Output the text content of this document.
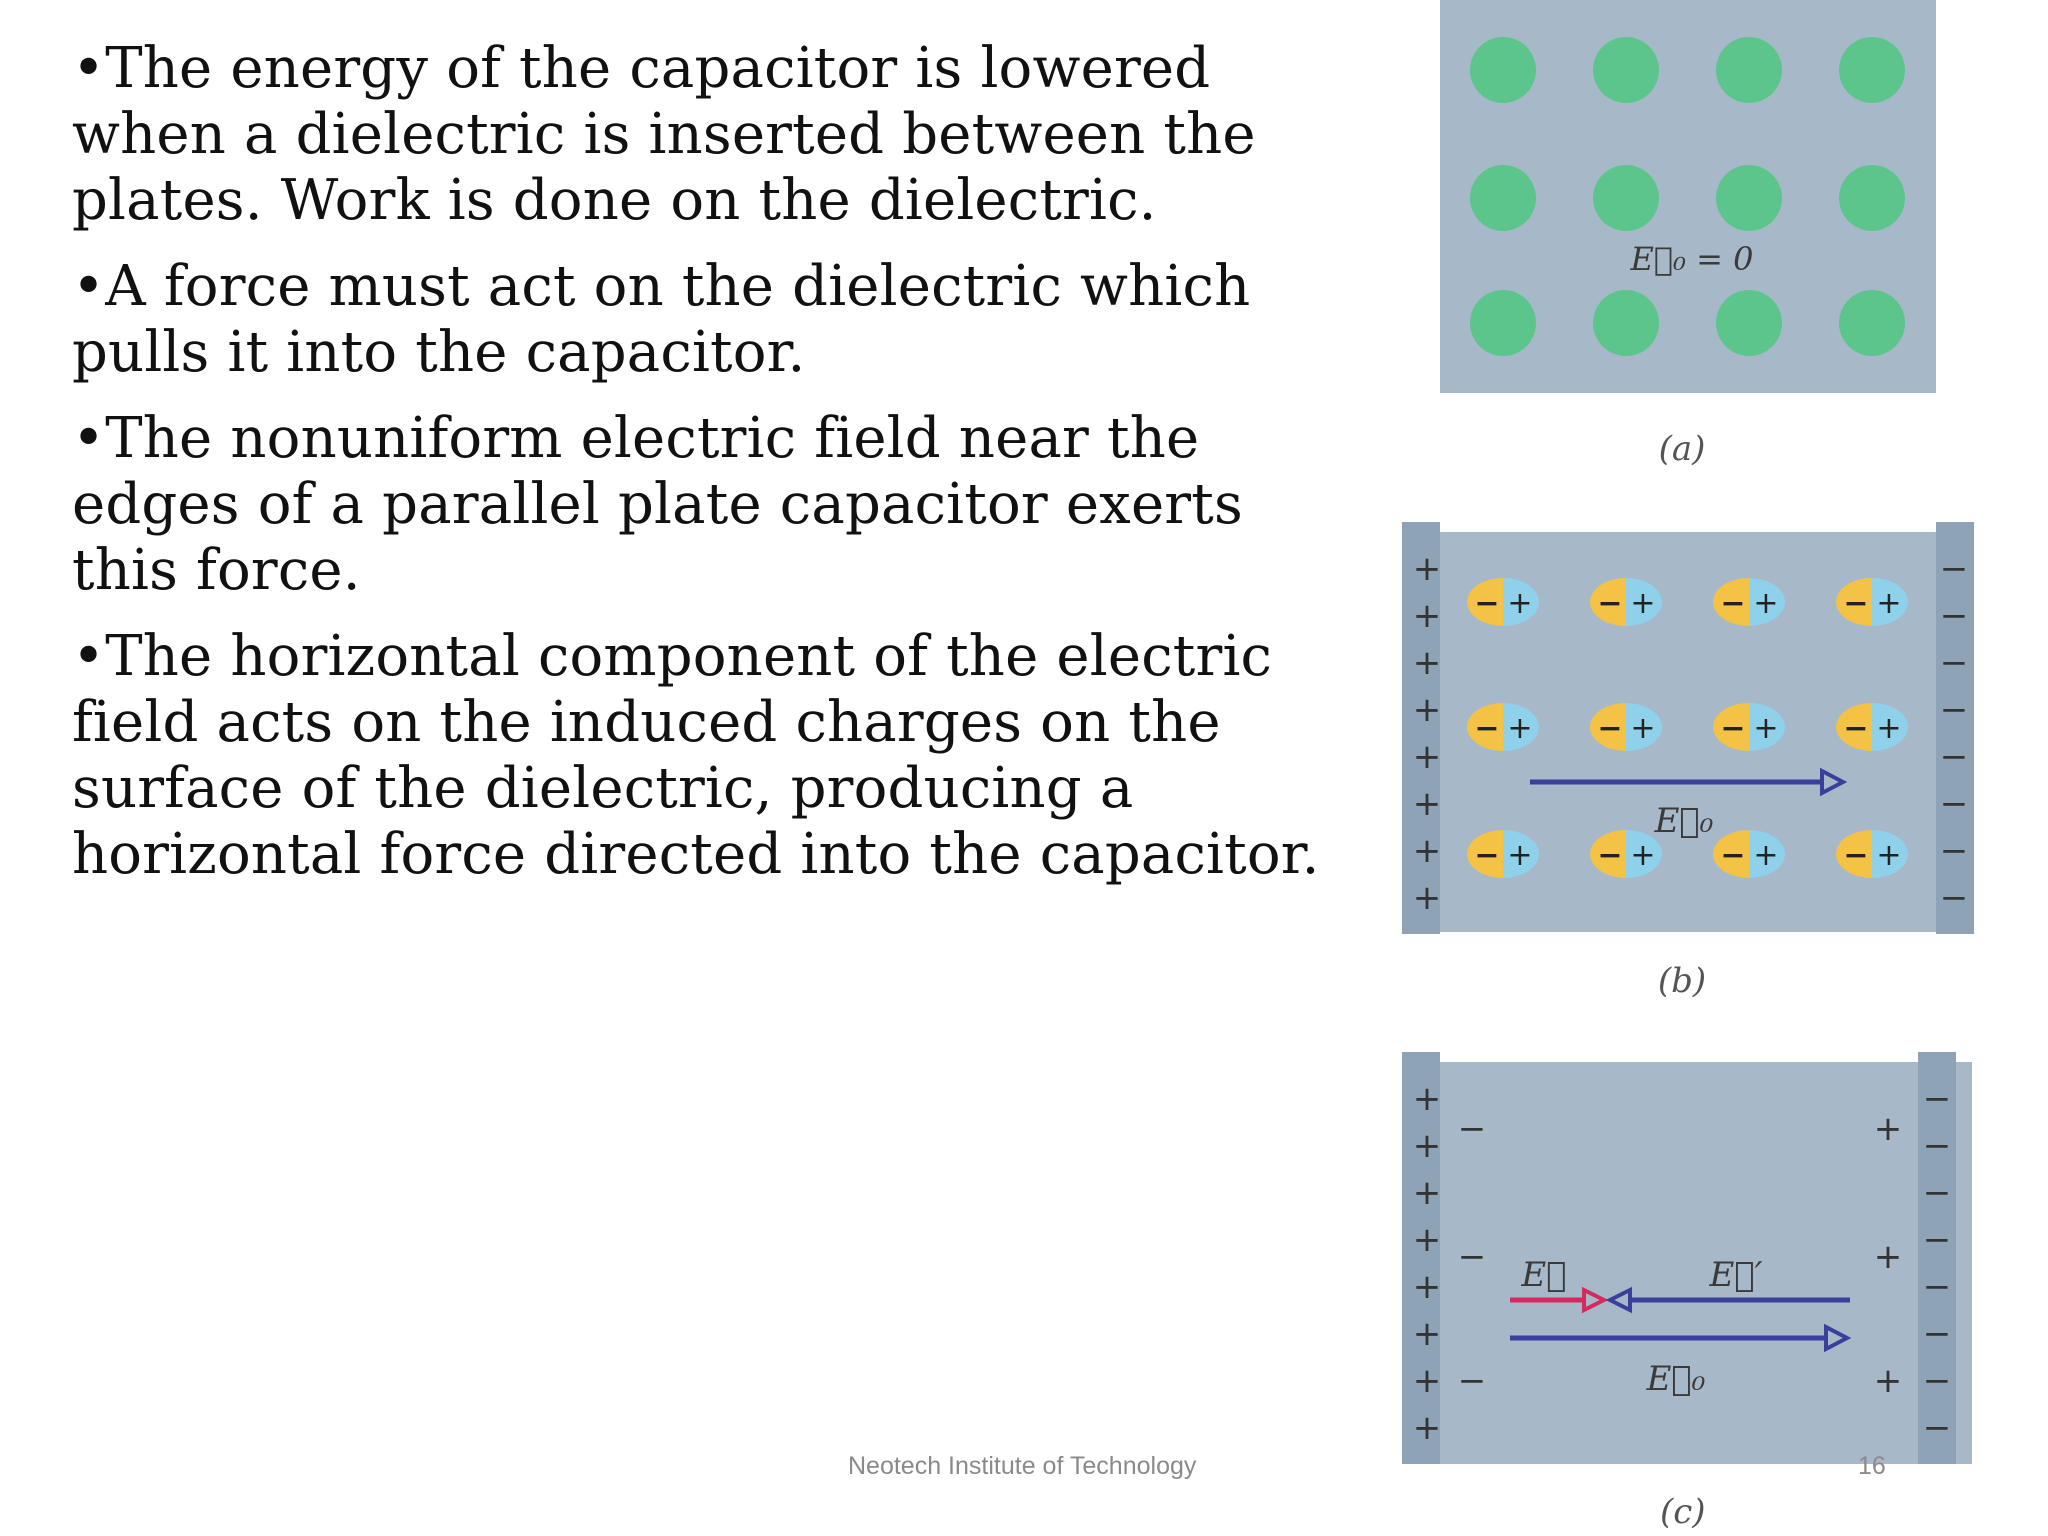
•The energy of the capacitor is lowered when a dielectric is inserted between the plates. Work is done on the dielectric.
•A force must act on the dielectric which pulls it into the capacitor.
•The nonuniform electric field near the edges of a parallel plate capacitor exerts this force.
•The horizontal component of the electric field acts on the induced charges on the surface of the dielectric, producing a horizontal force directed into the capacitor.
E⃗₀ = 0
(a)
+	−
+	−
+	−
+	−
+	−
+	−
+	−
+	−
− +
− +
− +
− +
− +
− +
− +
− +
− +
− +
− +
− +
E⃗₀
(b)
+	−
+	−
+	−
+	−
+	−
+	−
+	−
+	−
−	+
−	+
−	+
E⃗	E⃗′
E⃗₀
Neotech Institute of Technology	16
(c)
